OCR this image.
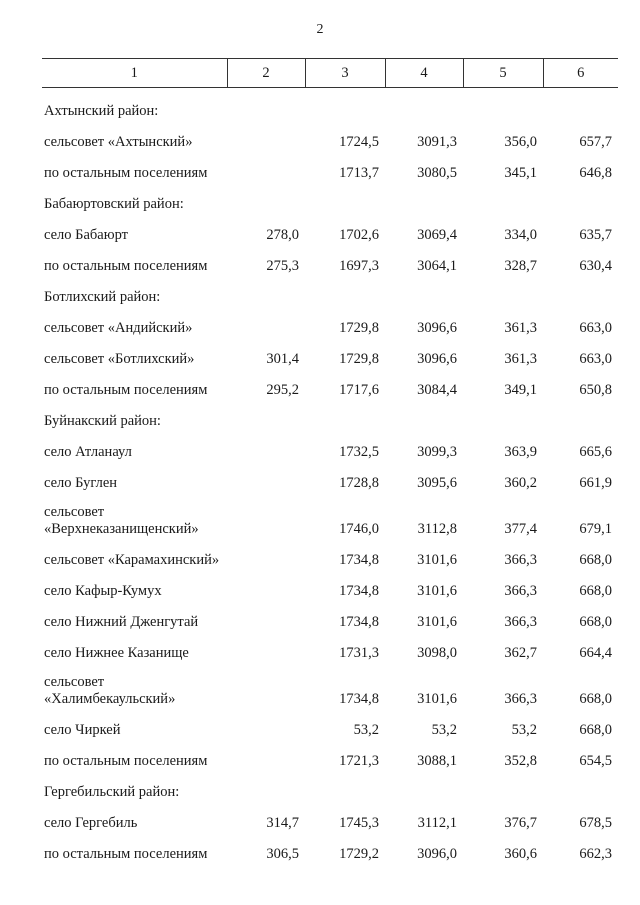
2
1	2	3	4	5	6
Ахтынский район:					
сельсовет «Ахтынский»		1724,5	3091,3	356,0	657,7
по остальным поселениям		1713,7	3080,5	345,1	646,8
Бабаюртовский район:					
село Бабаюрт	278,0	1702,6	3069,4	334,0	635,7
по остальным поселениям	275,3	1697,3	3064,1	328,7	630,4
Ботлихский район:					
сельсовет «Андийский»		1729,8	3096,6	361,3	663,0
сельсовет «Ботлихский»	301,4	1729,8	3096,6	361,3	663,0
по остальным поселениям	295,2	1717,6	3084,4	349,1	650,8
Буйнакский район:					
село Атланаул		1732,5	3099,3	363,9	665,6
село Буглен		1728,8	3095,6	360,2	661,9

сельсовет
«Верхнеказанищенский»		1746,0	3112,8	377,4	679,1
сельсовет «Карамахинский»		1734,8	3101,6	366,3	668,0
село Кафыр-Кумух		1734,8	3101,6	366,3	668,0
село Нижний Дженгутай		1734,8	3101,6	366,3	668,0
село Нижнее Казанище		1731,3	3098,0	362,7	664,4

сельсовет
«Халимбекаульский»		1734,8	3101,6	366,3	668,0
село Чиркей		53,2	53,2	53,2	668,0
по остальным поселениям		1721,3	3088,1	352,8	654,5
Гергебильский район:					
село Гергебиль	314,7	1745,3	3112,1	376,7	678,5
по остальным поселениям	306,5	1729,2	3096,0	360,6	662,3
